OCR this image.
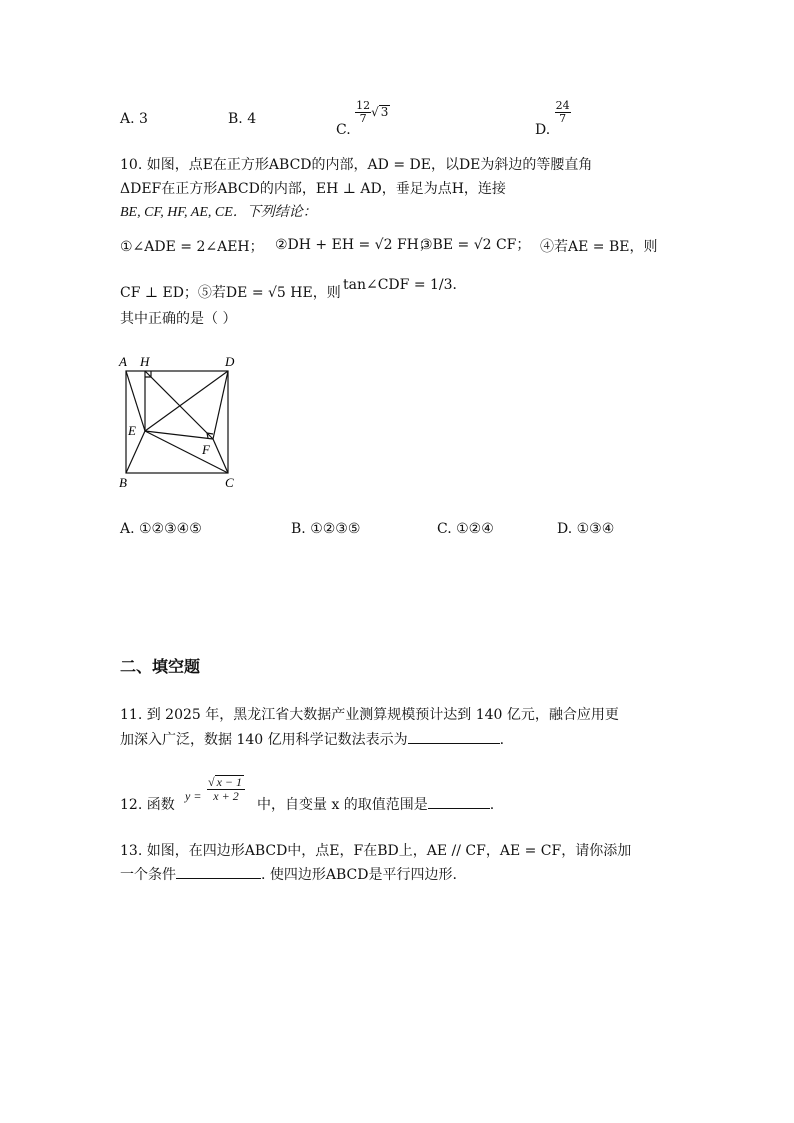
A. 3	B. 4
C.
$\frac{12}{7}$ √ 3
D.
$\frac{24}{7}$
10. 如图，点E在正方形ABCD的内部，AD = DE，以DE为斜边的等腰直角
ΔDEF在正方形ABCD的内部，EH ⊥ AD，垂足为点H，连接
BE, CF, HF, AE, CE．下列结论：
①∠ADE = 2∠AEH； ②DH + EH = √2 FH；
③BE = √2 CF； ④若AE = BE，则
CF ⊥ ED；⑤若DE = √5 HE，则 tan∠CDF = 1/3．
其中正确的是（ ）
A H	D
E
F
B	C
A. ①②③④⑤	B. ①②③⑤	C. ①②④	D. ①③④
二、填空题
11. 到 2025 年，黑龙江省大数据产业测算规模预计达到 140 亿元，融合应用更
加深入广泛，数据 140 亿用科学记数法表示为	.
12. 函数
$y = \frac{√ x - 1}{x + 2}$
中，自变量 x 的取值范围是	.
13. 如图，在四边形ABCD中，点E，F在BD上，AE // CF，AE = CF，请你添加
一个条件	. 使四边形ABCD是平行四边形.
